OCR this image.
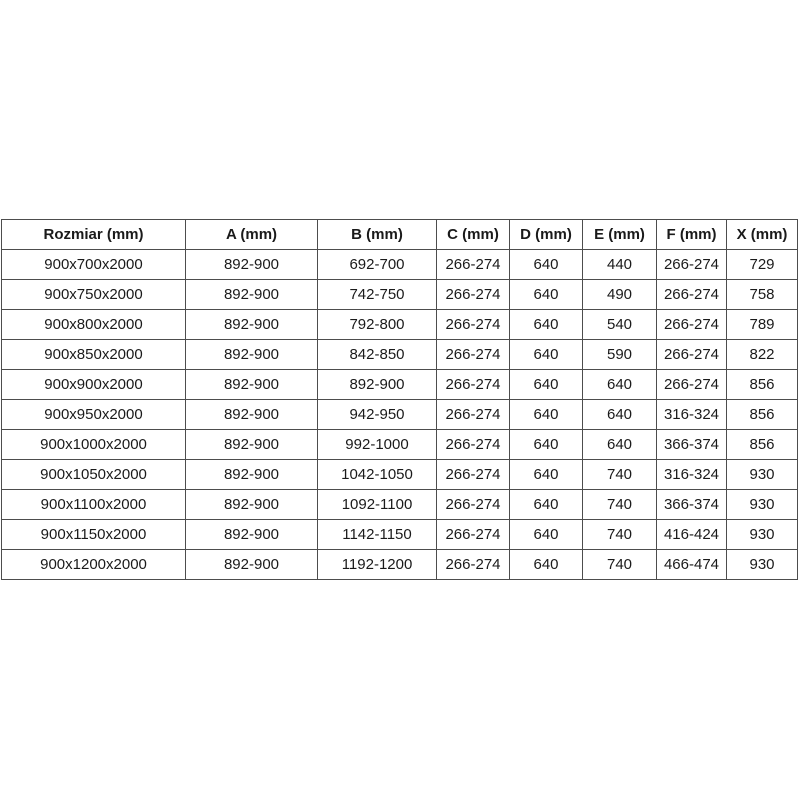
Rozmiar (mm)	A (mm)	B (mm)	C (mm)	D (mm)	E (mm)	F (mm)	X (mm)
900x700x2000	892-900	692-700	266-274	640	440	266-274	729
900x750x2000	892-900	742-750	266-274	640	490	266-274	758
900x800x2000	892-900	792-800	266-274	640	540	266-274	789
900x850x2000	892-900	842-850	266-274	640	590	266-274	822
900x900x2000	892-900	892-900	266-274	640	640	266-274	856
900x950x2000	892-900	942-950	266-274	640	640	316-324	856
900x1000x2000	892-900	992-1000	266-274	640	640	366-374	856
900x1050x2000	892-900	1042-1050	266-274	640	740	316-324	930
900x1100x2000	892-900	1092-1100	266-274	640	740	366-374	930
900x1150x2000	892-900	1142-1150	266-274	640	740	416-424	930
900x1200x2000	892-900	1192-1200	266-274	640	740	466-474	930
